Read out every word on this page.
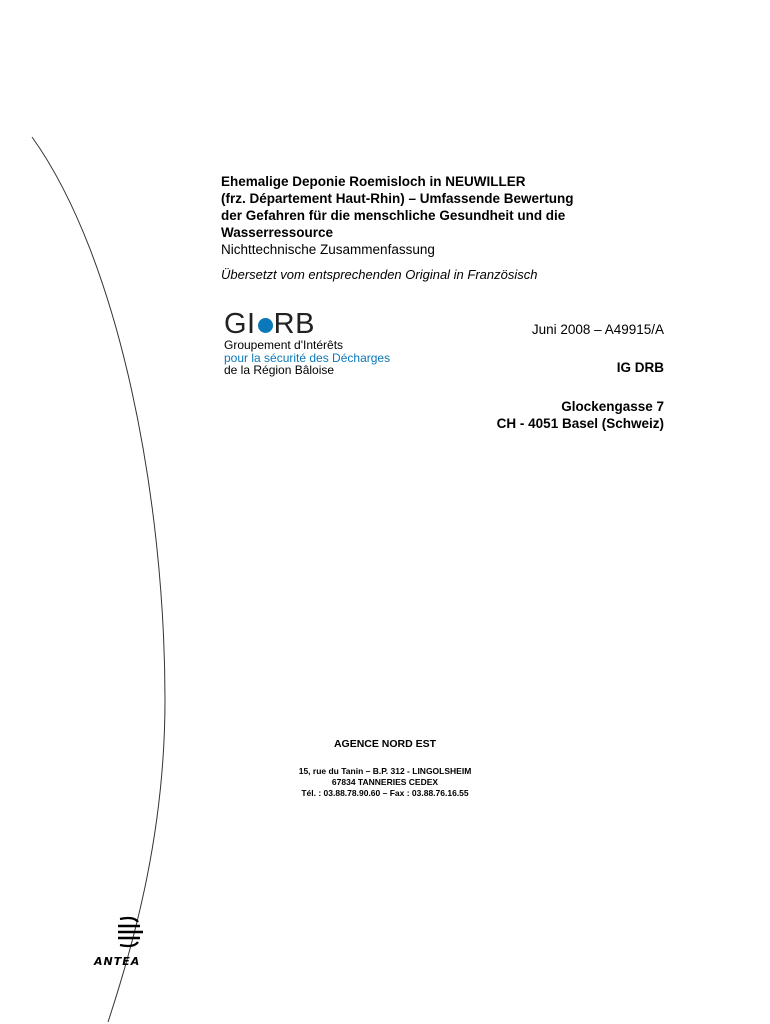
Ehemalige Deponie Roemisloch in NEUWILLER

(frz. Département Haut-Rhin) – Umfassende Bewertung

der Gefahren für die menschliche Gesundheit und die

Wasserressource

Nichttechnische Zusammenfassung

Übersetzt vom entsprechenden Original in Französisch

GI RB
Groupement d'Intérêts
pour la sécurité des Décharges
de la Région Bâloise
Juni 2008 – A49915/A
IG DRB
Glockengasse 7
CH - 4051 Basel (Schweiz)
AGENCE NORD EST
15, rue du Tanin – B.P. 312 - LINGOLSHEIM
67834 TANNERIES CEDEX
Tél. : 03.88.78.90.60 – Fax : 03.88.76.16.55
ANTEA
